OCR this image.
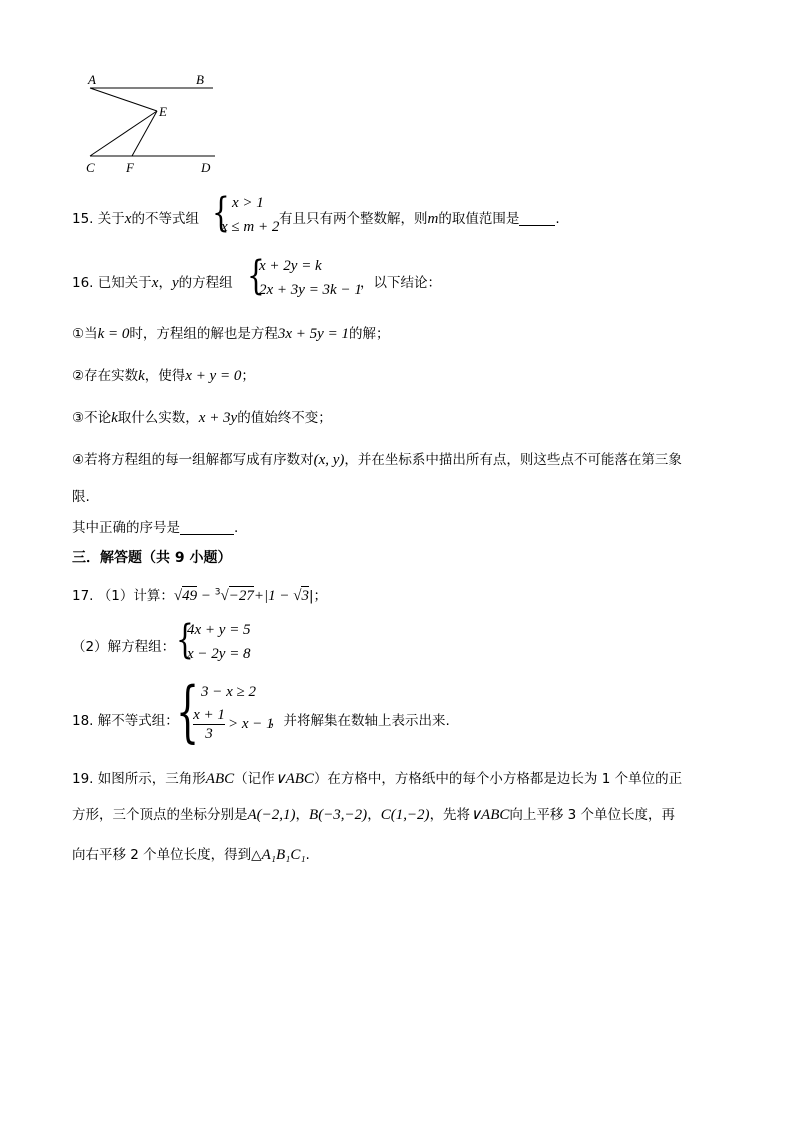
A	B
E
C F	D
15. 关于x的不等式组 { x > 1
x ≤ m + 2 有且只有两个整数解，则m的取值范围是	.
16. 已知关于x，y的方程组 {
x + 2y = k
2x + 3y = 3k − 1
，以下结论：
①当k = 0时，方程组的解也是方程3x + 5y = 1的解；
②存在实数k，使得x + y = 0；
③不论k取什么实数，x + 3y的值始终不变；
④若将方程组的每一组解都写成有序数对(x, y)，并在坐标系中描出所有点，则这些点不可能落在第三象
限.
其中正确的序号是	.
三．解答题（共 9 小题）
17. （1）计算：√49 − $^3$√−27+|1 − √3|；
（2）解方程组： {
4x + y = 5
x − 2y = 8
18. 解不等式组：
{ 3 − x ≥ 2
$\frac{x + 1}{3} > x - 1$
，并将解集在数轴上表示出来.
19. 如图所示，三角形ABC（记作∨ABC）在方格中，方格纸中的每个小方格都是边长为 1 个单位的正
方形，三个顶点的坐标分别是A(−2,1)，B(−3,−2)，C(1,−2)，先将∨ABC向上平移 3 个单位长度，再
向右平移 2 个单位长度，得到△A₁B₁C₁.
